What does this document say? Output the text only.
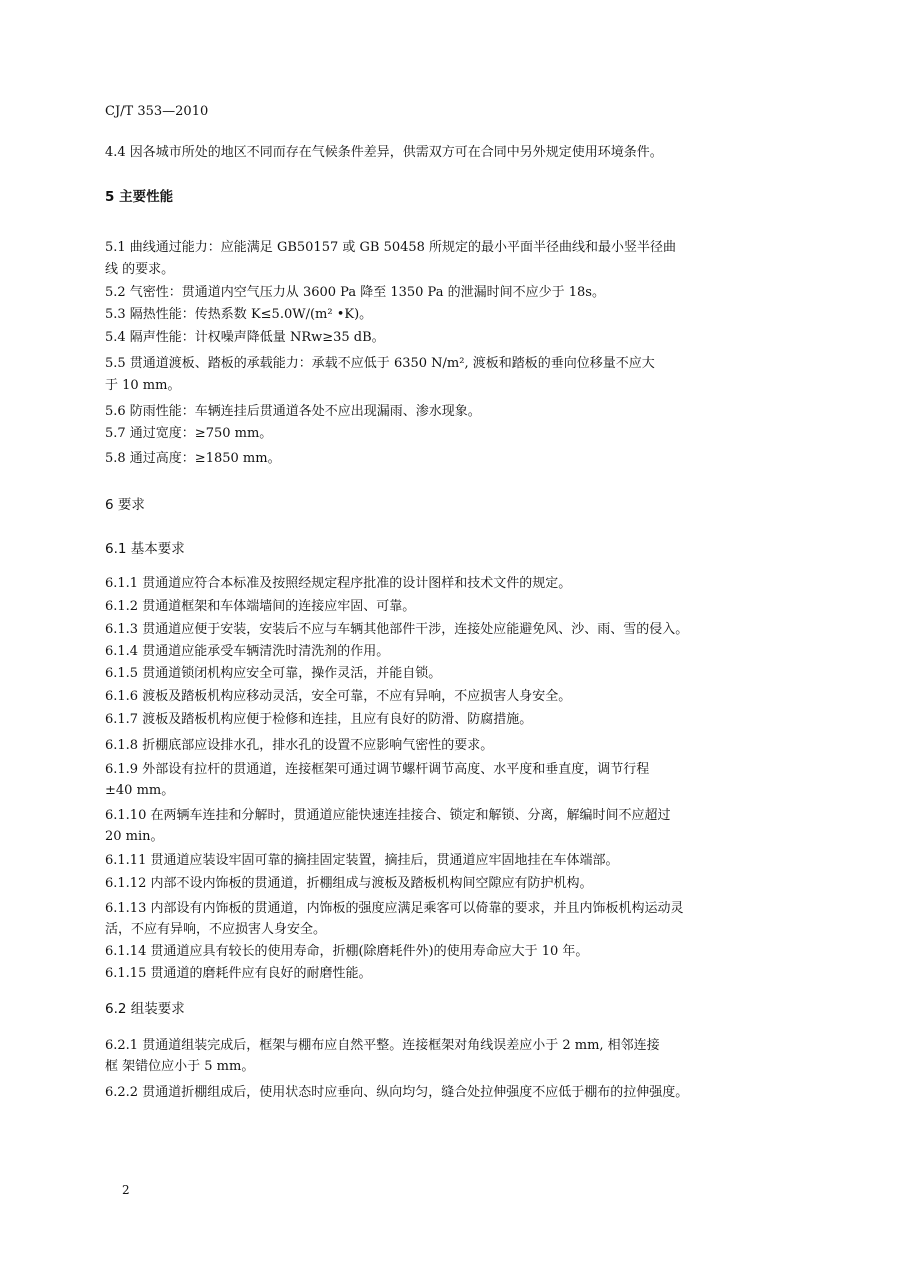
CJ/T 353—2010
4.4 因各城市所处的地区不同而存在气候条件差异，供需双方可在合同中另外规定使用环境条件。
5 主要性能
5.1 曲线通过能力：应能满足 GB50157 或 GB 50458 所规定的最小平面半径曲线和最小竖半径曲
线 的要求。
5.2 气密性：贯通道内空气压力从 3600 Pa 降至 1350 Pa 的泄漏时间不应少于 18s。
5.3 隔热性能：传热系数 K≤5.0W/(m² •K)。
5.4 隔声性能：计权噪声降低量 NRw≥35 dB。
5.5 贯通道渡板、踏板的承载能力：承载不应低于 6350 N/m², 渡板和踏板的垂向位移量不应大
于 10 mm。
5.6 防雨性能：车辆连挂后贯通道各处不应出现漏雨、渗水现象。
5.7 通过宽度：≥750 mm。
5.8 通过高度：≥1850 mm。
6 要求
6.1 基本要求
6.1.1 贯通道应符合本标准及按照经规定程序批准的设计图样和技术文件的规定。
6.1.2 贯通道框架和车体端墙间的连接应牢固、可靠。
6.1.3 贯通道应便于安装，安装后不应与车辆其他部件干涉，连接处应能避免风、沙、雨、雪的侵入。
6.1.4 贯通道应能承受车辆清洗时清洗剂的作用。
6.1.5 贯通道锁闭机构应安全可靠，操作灵活，并能自锁。
6.1.6 渡板及踏板机构应移动灵活，安全可靠，不应有异响，不应损害人身安全。
6.1.7 渡板及踏板机构应便于检修和连挂，且应有良好的防滑、防腐措施。
6.1.8 折棚底部应设排水孔，排水孔的设置不应影响气密性的要求。
6.1.9 外部设有拉杆的贯通道，连接框架可通过调节螺杆调节高度、水平度和垂直度，调节行程
±40 mm。
6.1.10 在两辆车连挂和分解时，贯通道应能快速连挂接合、锁定和解锁、分离，解编时间不应超过
20 min。
6.1.11 贯通道应装设牢固可靠的摘挂固定装置，摘挂后，贯通道应牢固地挂在车体端部。
6.1.12 内部不设内饰板的贯通道，折棚组成与渡板及踏板机构间空隙应有防护机构。
6.1.13 内部设有内饰板的贯通道，内饰板的强度应满足乘客可以倚靠的要求，并且内饰板机构运动灵
活，不应有异响，不应损害人身安全。
6.1.14 贯通道应具有较长的使用寿命，折棚(除磨耗件外)的使用寿命应大于 10 年。
6.1.15 贯通道的磨耗件应有良好的耐磨性能。
6.2 组装要求
6.2.1 贯通道组装完成后，框架与棚布应自然平整。连接框架对角线误差应小于 2 mm, 相邻连接
框 架错位应小于 5 mm。
6.2.2 贯通道折棚组成后，使用状态时应垂向、纵向均匀，缝合处拉伸强度不应低于棚布的拉伸强度。
2
